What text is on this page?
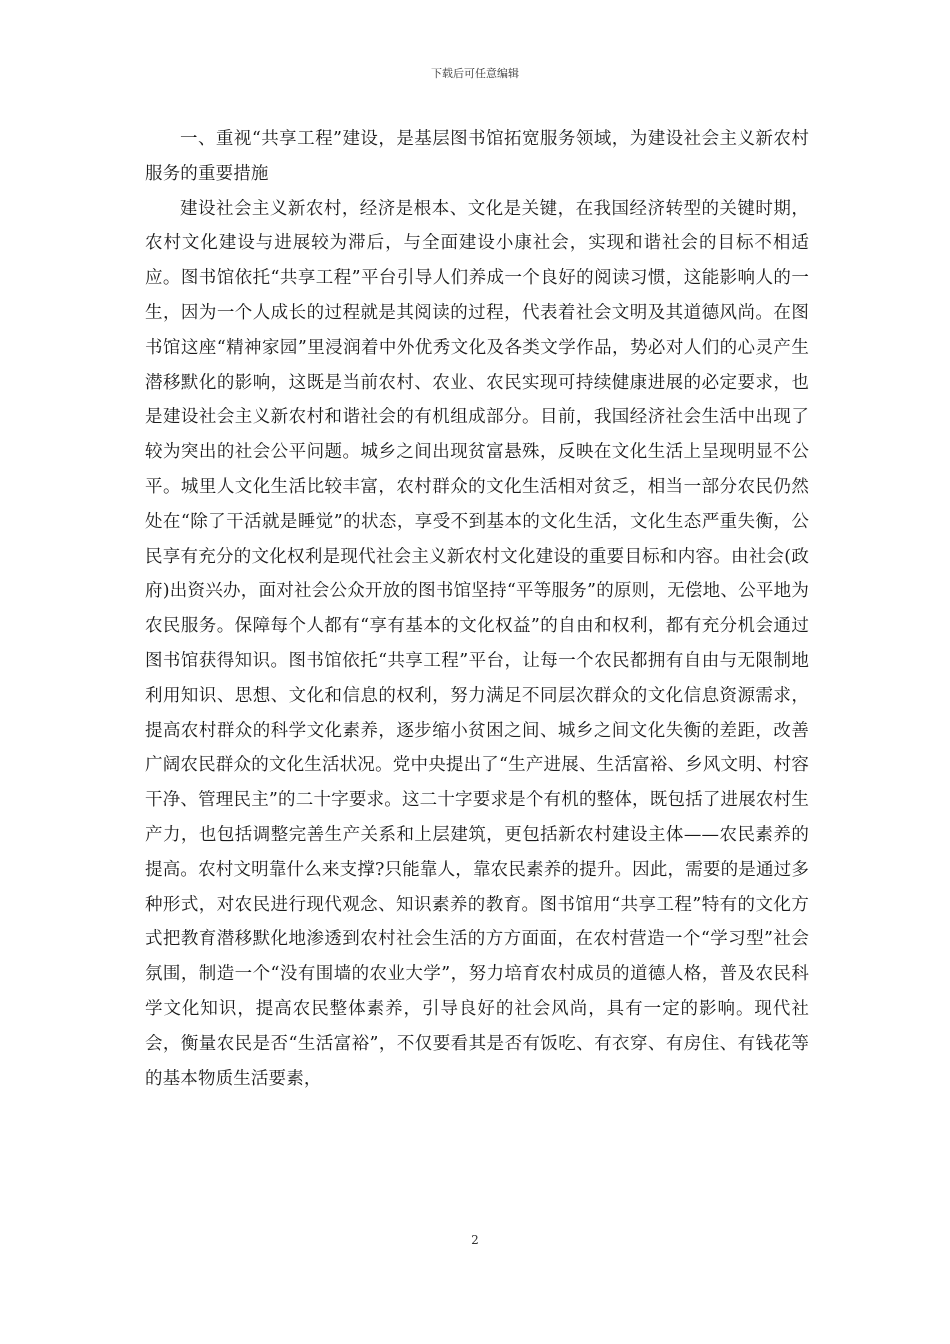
下载后可任意编辑

一、重视“共享工程”建设，是基层图书馆拓宽服务领域，为建设社会主义新农村服务的重要措施

建设社会主义新农村，经济是根本、文化是关键，在我国经济转型的关键时期，农村文化建设与进展较为滞后，与全面建设小康社会，实现和谐社会的目标不相适应。图书馆依托“共享工程”平台引导人们养成一个良好的阅读习惯，这能影响人的一生，因为一个人成长的过程就是其阅读的过程，代表着社会文明及其道德风尚。在图书馆这座“精神家园”里浸润着中外优秀文化及各类文学作品，势必对人们的心灵产生潜移默化的影响，这既是当前农村、农业、农民实现可持续健康进展的必定要求，也是建设社会主义新农村和谐社会的有机组成部分。目前，我国经济社会生活中出现了较为突出的社会公平问题。城乡之间出现贫富悬殊，反映在文化生活上呈现明显不公平。城里人文化生活比较丰富，农村群众的文化生活相对贫乏，相当一部分农民仍然处在“除了干活就是睡觉”的状态，享受不到基本的文化生活，文化生态严重失衡，公民享有充分的文化权利是现代社会主义新农村文化建设的重要目标和内容。由社会(政府)出资兴办，面对社会公众开放的图书馆坚持“平等服务”的原则，无偿地、公平地为农民服务。保障每个人都有“享有基本的文化权益”的自由和权利，都有充分机会通过图书馆获得知识。图书馆依托“共享工程”平台，让每一个农民都拥有自由与无限制地利用知识、思想、文化和信息的权利，努力满足不同层次群众的文化信息资源需求，提高农村群众的科学文化素养，逐步缩小贫困之间、城乡之间文化失衡的差距，改善广阔农民群众的文化生活状况。党中央提出了“生产进展、生活富裕、乡风文明、村容干净、管理民主”的二十字要求。这二十字要求是个有机的整体，既包括了进展农村生产力，也包括调整完善生产关系和上层建筑，更包括新农村建设主体——农民素养的提高。农村文明靠什么来支撑?只能靠人，靠农民素养的提升。因此，需要的是通过多种形式，对农民进行现代观念、知识素养的教育。图书馆用“共享工程”特有的文化方式把教育潜移默化地渗透到农村社会生活的方方面面，在农村营造一个“学习型”社会氛围，制造一个“没有围墙的农业大学”，努力培育农村成员的道德人格，普及农民科学文化知识，提高农民整体素养，引导良好的社会风尚，具有一定的影响。现代社会，衡量农民是否“生活富裕”，不仅要看其是否有饭吃、有衣穿、有房住、有钱花等的基本物质生活要素，

2
